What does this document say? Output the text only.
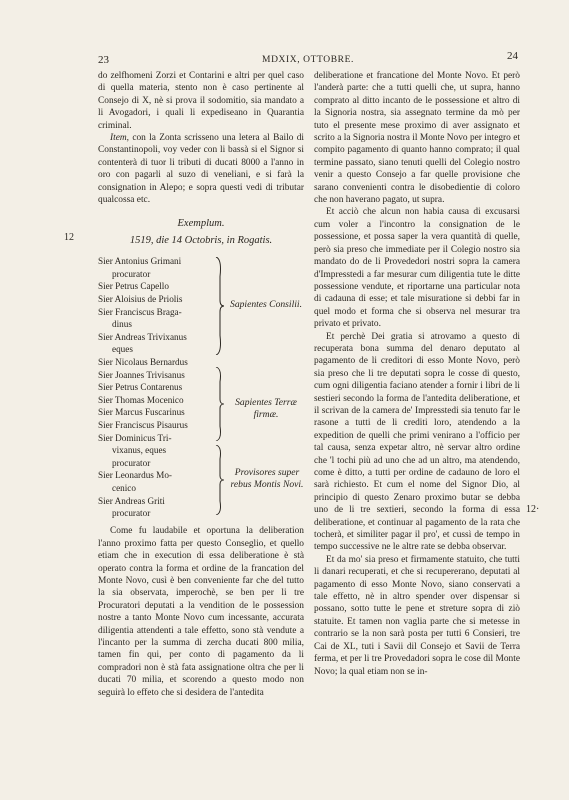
23	MDXIX, OTTOBRE.	24
12
12·

do zelfhomeni Zorzi et Contarini e altri per quel caso di quella materia, stento non è caso pertinente al Consejo di X, nè si prova il sodomitio, sia mandato a li Avogadori, i quali li expediseano in Quarantia criminal.

Item, con la Zonta scrisseno una letera al Bailo di Constantinopoli, voy veder con li bassà si el Signor si contenterà di tuor li tributi di ducati 8000 a l'anno in oro con pagarli al suzo di veneliani, e si farà la consignation in Alepo; e sopra questi vedi di tributar qualcossa etc.

Exemplum.
1519, die 14 Octobris, in Rogatis.
Sier Antonius Grimani
procurator
Sier Petrus Capello
Sier Aloisius de Priolis
Sier Franciscus Braga-
dinus
Sier Andreas Trivixanus
eques
Sier Nicolaus Bernardus
Sier Joannes Trivisanus
Sier Petrus Contarenus
Sier Thomas Mocenico
Sier Marcus Fuscarinus
Sier Franciscus Pisaurus
Sier Dominicus Tri-
vixanus, eques
procurator
Sier Leonardus Mo-
cenico
Sier Andreas Griti
procurator
Sapientes Consilii.
Sapientes Terræ firmæ.
Provisores super rebus Montis Novi.

Come fu laudabile et oportuna la deliberation l'anno proximo fatta per questo Conseglio, et quello etiam che in execution di essa deliberatione è stà operato contra la forma et ordine de la francation del Monte Novo, cusì è ben conveniente far che del tutto la sia observata, imperochè, se ben per li tre Procuratori deputati a la vendition de le possession nostre a tanto Monte Novo cum incessante, accurata diligentia attendenti a tale effetto, sono stà vendute a l'incanto per la summa di zercha ducati 800 milia, tamen fin qui, per conto di pagamento da li compradori non è stà fata assignatione oltra che per li ducati 70 milia, et scorendo a questo modo non seguirà lo effeto che si desidera de l'antedita

deliberatione et francatione del Monte Novo. Et però l'anderà parte: che a tutti quelli che, ut supra, hanno comprato al ditto incanto de le possessione et altro di la Signoria nostra, sia assegnato termine da mò per tuto el presente mese proximo di aver assignato et scrito a la Signoria nostra il Monte Novo per integro et compito pagamento di quanto hanno comprato; il qual termine passato, siano tenuti quelli del Colegio nostro venir a questo Consejo a far quelle provisione che sarano convenienti contra le disobedientie di coloro che non haverano pagato, ut supra.

Et acciò che alcun non habia causa di excusarsi cum voler a l'incontro la consignation de le possessione, et possa saper la vera quantità di quelle, però sia preso che immediate per il Colegio nostro sia mandato do de li Provededori nostri sopra la camera d'Impresstedi a far mesurar cum diligentia tute le ditte possessione vendute, et riportarne una particular nota di cadauna di esse; et tale misuratione si debbi far in quel modo et forma che si observa nel mesurar tra privato et privato.

Et perchè Dei gratia si atrovamo a questo di recuperata bona summa del denaro deputato al pagamento de li creditori di esso Monte Novo, però sia preso che li tre deputati sopra le cosse di questo, cum ogni diligentia faciano atender a fornir i libri de li sestieri secondo la forma de l'antedita deliberatione, et il scrivan de la camera de' Impresstedi sia tenuto far le rasone a tutti de li crediti loro, atendendo a la expedition de quelli che primi venirano a l'officio per tal causa, senza expetar altro, nè servar altro ordine che 'l tochi più ad uno che ad un altro, ma atendendo, come è ditto, a tutti per ordine de cadauno de loro el sarà richiesto. Et cum el nome del Signor Dio, al principio di questo Zenaro proximo butar se debba uno de li tre sextieri, secondo la forma di essa deliberatione, et continuar al pagamento de la rata che tocherà, et similiter pagar il pro', et cussì de tempo in tempo successive ne le altre rate se debba observar.

Et da mo' sia preso et firmamente statuito, che tutti li danari recuperati, et che si recupererano, deputati al pagamento di esso Monte Novo, siano conservati a tale effetto, nè in altro spender over dispensar si possano, sotto tutte le pene et streture sopra di ziò statuite. Et tamen non vaglia parte che si metesse in contrario se la non sarà posta per tutti 6 Consieri, tre Cai de XL, tuti i Savii dil Consejo et Savii de Terra ferma, et per li tre Provedadori sopra le cose dil Monte Novo; la qual etiam non se in-
